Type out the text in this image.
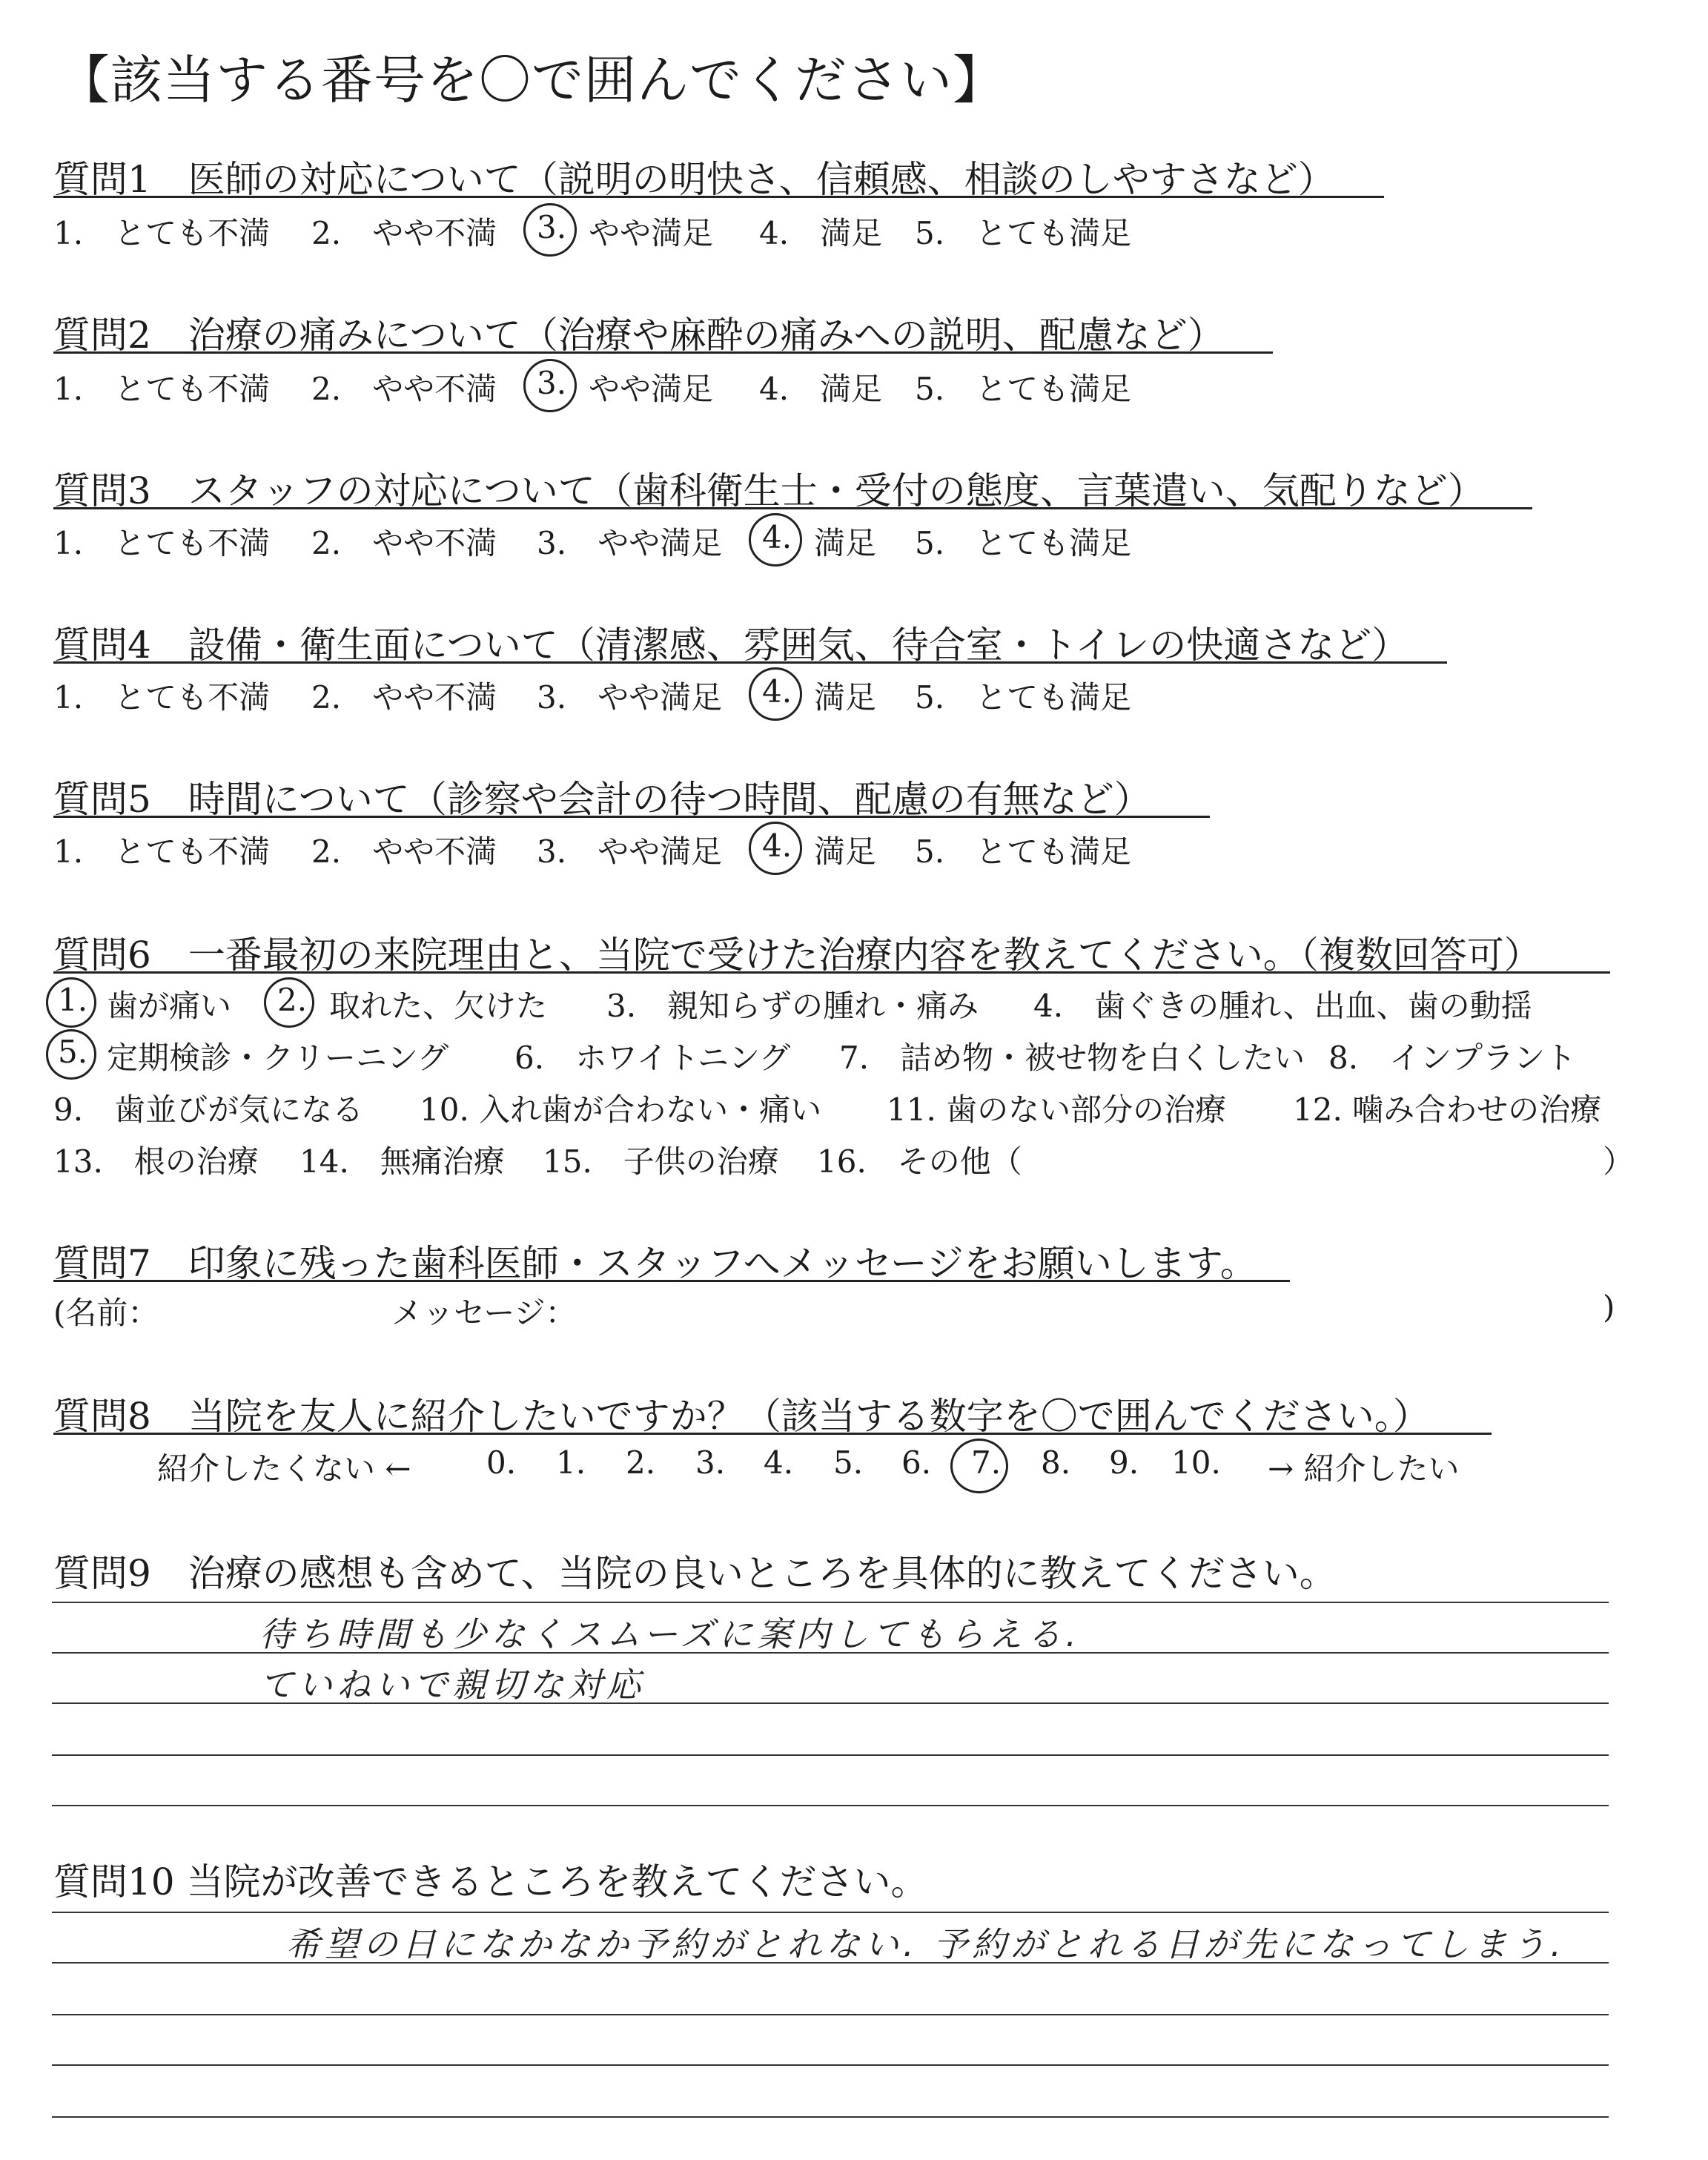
【該当する番号を〇で囲んでください】
質問1　医師の対応について（説明の明快さ、信頼感、相談のしやすさなど）
1.　とても不満 2.　やや不満 3. やや満足 4.　満足 5.　とても満足
質問2　治療の痛みについて（治療や麻酔の痛みへの説明、配慮など）
1.　とても不満 2.　やや不満 3. やや満足 4.　満足 5.　とても満足
質問3　スタッフの対応について（歯科衛生士・受付の態度、言葉遣い、気配りなど）
1.　とても不満 2.　やや不満 3.　やや満足 4. 満足 5.　とても満足
質問4　設備・衛生面について（清潔感、雰囲気、待合室・トイレの快適さなど）
1.　とても不満 2.　やや不満 3.　やや満足 4. 満足 5.　とても満足
質問5　時間について（診察や会計の待つ時間、配慮の有無など）
1.　とても不満 2.　やや不満 3.　やや満足 4. 満足 5.　とても満足
質問6　一番最初の来院理由と、当院で受けた治療内容を教えてください。（複数回答可）
1. 歯が痛い 2. 取れた、欠けた 3.　親知らずの腫れ・痛み 4.　歯ぐきの腫れ、出血、歯の動揺
5. 定期検診・クリーニング 6.　ホワイトニング 7.　詰め物・被せ物を白くしたい 8.　インプラント
9.　歯並びが気になる 10. 入れ歯が合わない・痛い 11. 歯のない部分の治療 12. 噛み合わせの治療
13.　根の治療 14.　無痛治療 15.　子供の治療 16.　その他（	）
質問7　印象に残った歯科医師・スタッフへメッセージをお願いします。
(名前：	メッセージ：	)
質問8　当院を友人に紹介したいですか？（該当する数字を〇で囲んでください。）
紹介したくない ← 0. 1. 2. 3. 4. 5. 6. 7. 8. 9. 10. → 紹介したい
質問9　治療の感想も含めて、当院の良いところを具体的に教えてください。
待ち時間も少なくスムーズに案内してもらえる.
ていねいで親切な対応
質問10 当院が改善できるところを教えてください。
希望の日になかなか予約がとれない. 予約がとれる日が先になってしまう.
